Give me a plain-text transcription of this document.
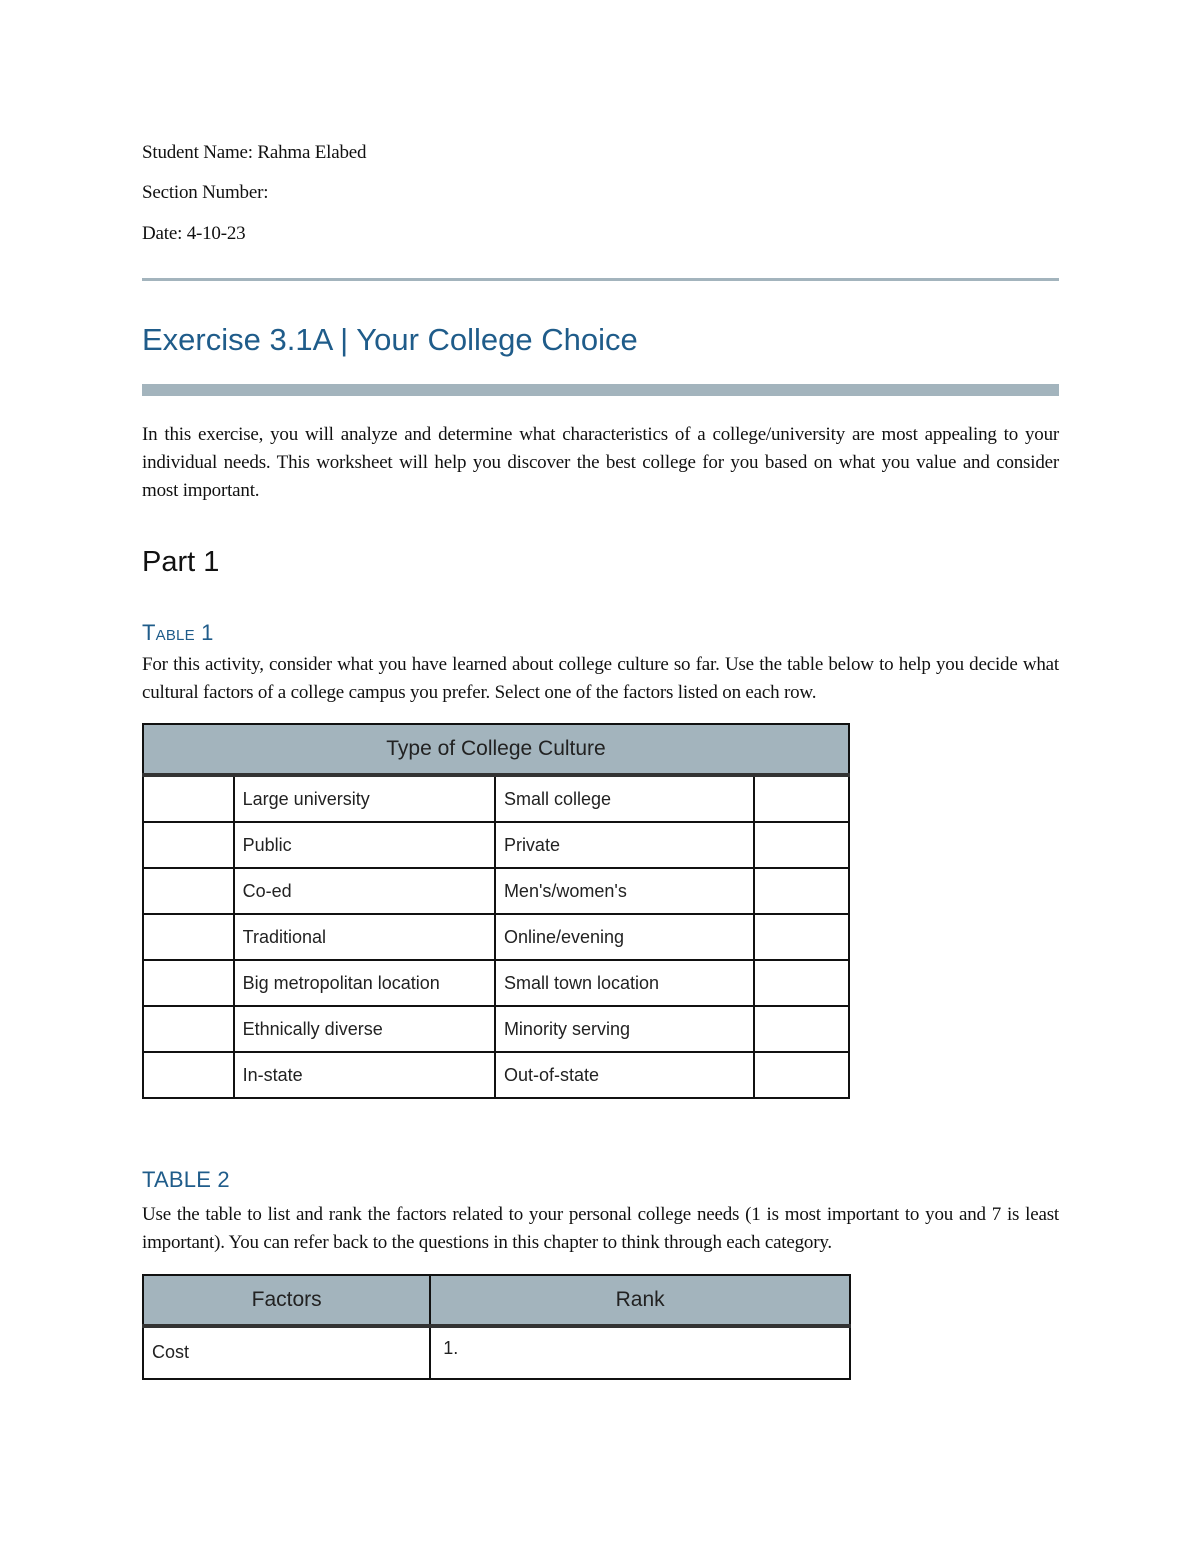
Student Name: Rahma Elabed
Section Number:
Date: 4-10-23
Exercise 3.1A | Your College Choice

In this exercise, you will analyze and determine what characteristics of a college/university are most appealing to your individual needs. This worksheet will help you discover the best college for you based on what you value and consider most important.

Part 1
Table 1

For this activity, consider what you have learned about college culture so far. Use the table below to help you decide what cultural factors of a college campus you prefer. Select one of the factors listed on each row.

Type of College Culture			
	Large university	Small college	
	Public	Private	
	Co-ed	Men's/women's	
	Traditional	Online/evening	
	Big metropolitan location	Small town location	
	Ethnically diverse	Minority serving	
	In-state	Out-of-state	
TABLE 2

Use the table to list and rank the factors related to your personal college needs (1 is most important to you and 7 is least important). You can refer back to the questions in this chapter to think through each category.

Factors	Rank

Cost	1.
